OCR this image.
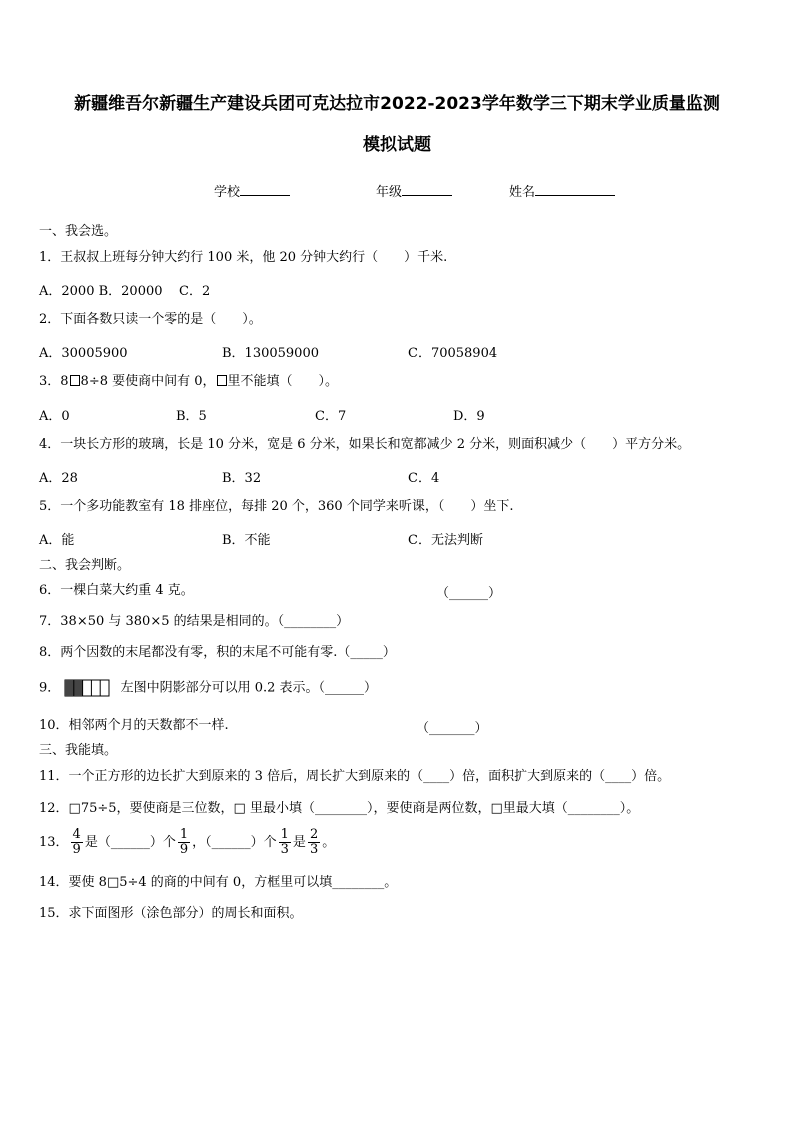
新疆维吾尔新疆生产建设兵团可克达拉市2022-2023学年数学三下期末学业质量监测
模拟试题
学校	年级	姓名
一、我会选。
1．王叔叔上班每分钟大约行 100 米，他 20 分钟大约行（　　）千米.
A．2000 B．20000 C．2
2．下面各数只读一个零的是（　　）。
A．30005900	B．130059000	C．70058904
3．8 8÷8 要使商中间有 0， 里不能填（　　）。
A．0	B．5	C．7	D．9
4．一块长方形的玻璃，长是 10 分米，宽是 6 分米，如果长和宽都减少 2 分米，则面积减少（　　）平方分米。
A．28	B．32	C．4
5．一个多功能教室有 18 排座位，每排 20 个，360 个同学来听课，（　　）坐下.
A．能	B．不能	C．无法判断
二、我会判断。
6．一棵白菜大约重 4 克。	（______）
7．38×50 与 380×5 的结果是相同的。（________）
8．两个因数的末尾都没有零，积的末尾不可能有零.（_____）
9．	左图中阴影部分可以用 0.2 表示。（______）
10．相邻两个月的天数都不一样.	（_______）
三、我能填。
11．一个正方形的边长扩大到原来的 3 倍后，周长扩大到原来的（____）倍，面积扩大到原来的（____）倍。
12．□75÷5，要使商是三位数，□ 里最小填（________），要使商是两位数，□里最大填（________）。
13． $\frac{4}{9}$ 是（______）个 $\frac{1}{9}$ ，（______）个 $\frac{1}{3}$ 是 $\frac{2}{3}$ 。
14．要使 8□5÷4 的商的中间有 0，方框里可以填________。
15．求下面图形（涂色部分）的周长和面积。
